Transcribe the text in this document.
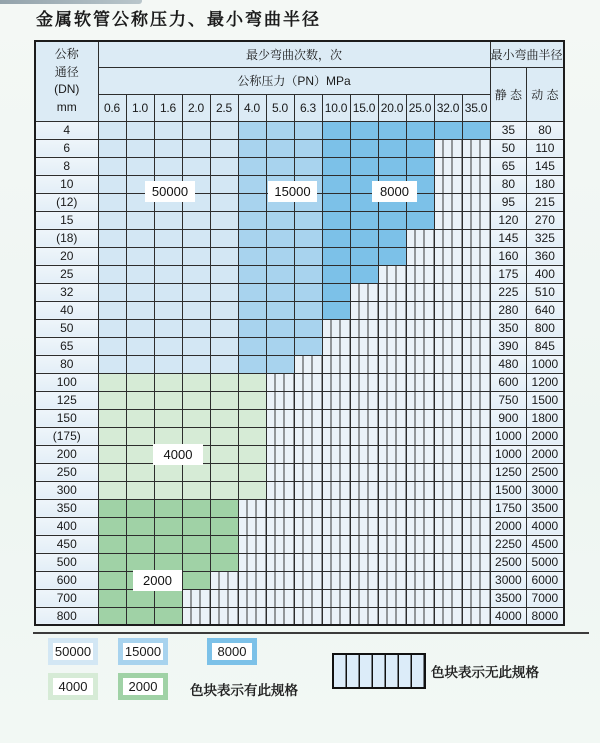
金属软管公称压力、最小弯曲半径
公称
通径
(DN)
mm	最少弯曲次数，次														最小弯曲半径	
	公称压力（PN）MPa														静 态	动 态
	0.6	1.0	1.6	2.0	2.5	4.0	5.0	6.3	10.0	15.0	20.0	25.0	32.0	35.0		
4															35	80
6															50	110
8															65	145
10															80	180
(12)															95	215
15															120	270
(18)															145	325
20															160	360
25															175	400
32															225	510
40															280	640
50															350	800
65															390	845
80															480	1000
100															600	1200
125															750	1500
150															900	1800
(175)															1000	2000
200															1000	2000
250															1250	2500
300															1500	3000
350															1750	3500
400															2000	4000
450															2250	4500
500															2500	5000
600															3000	6000
700															3500	7000
800															4000	8000
色块表示有此规格
色块表示无此规格
50000	15000	8000
4000
2000
50000	15000	8000
4000	2000
